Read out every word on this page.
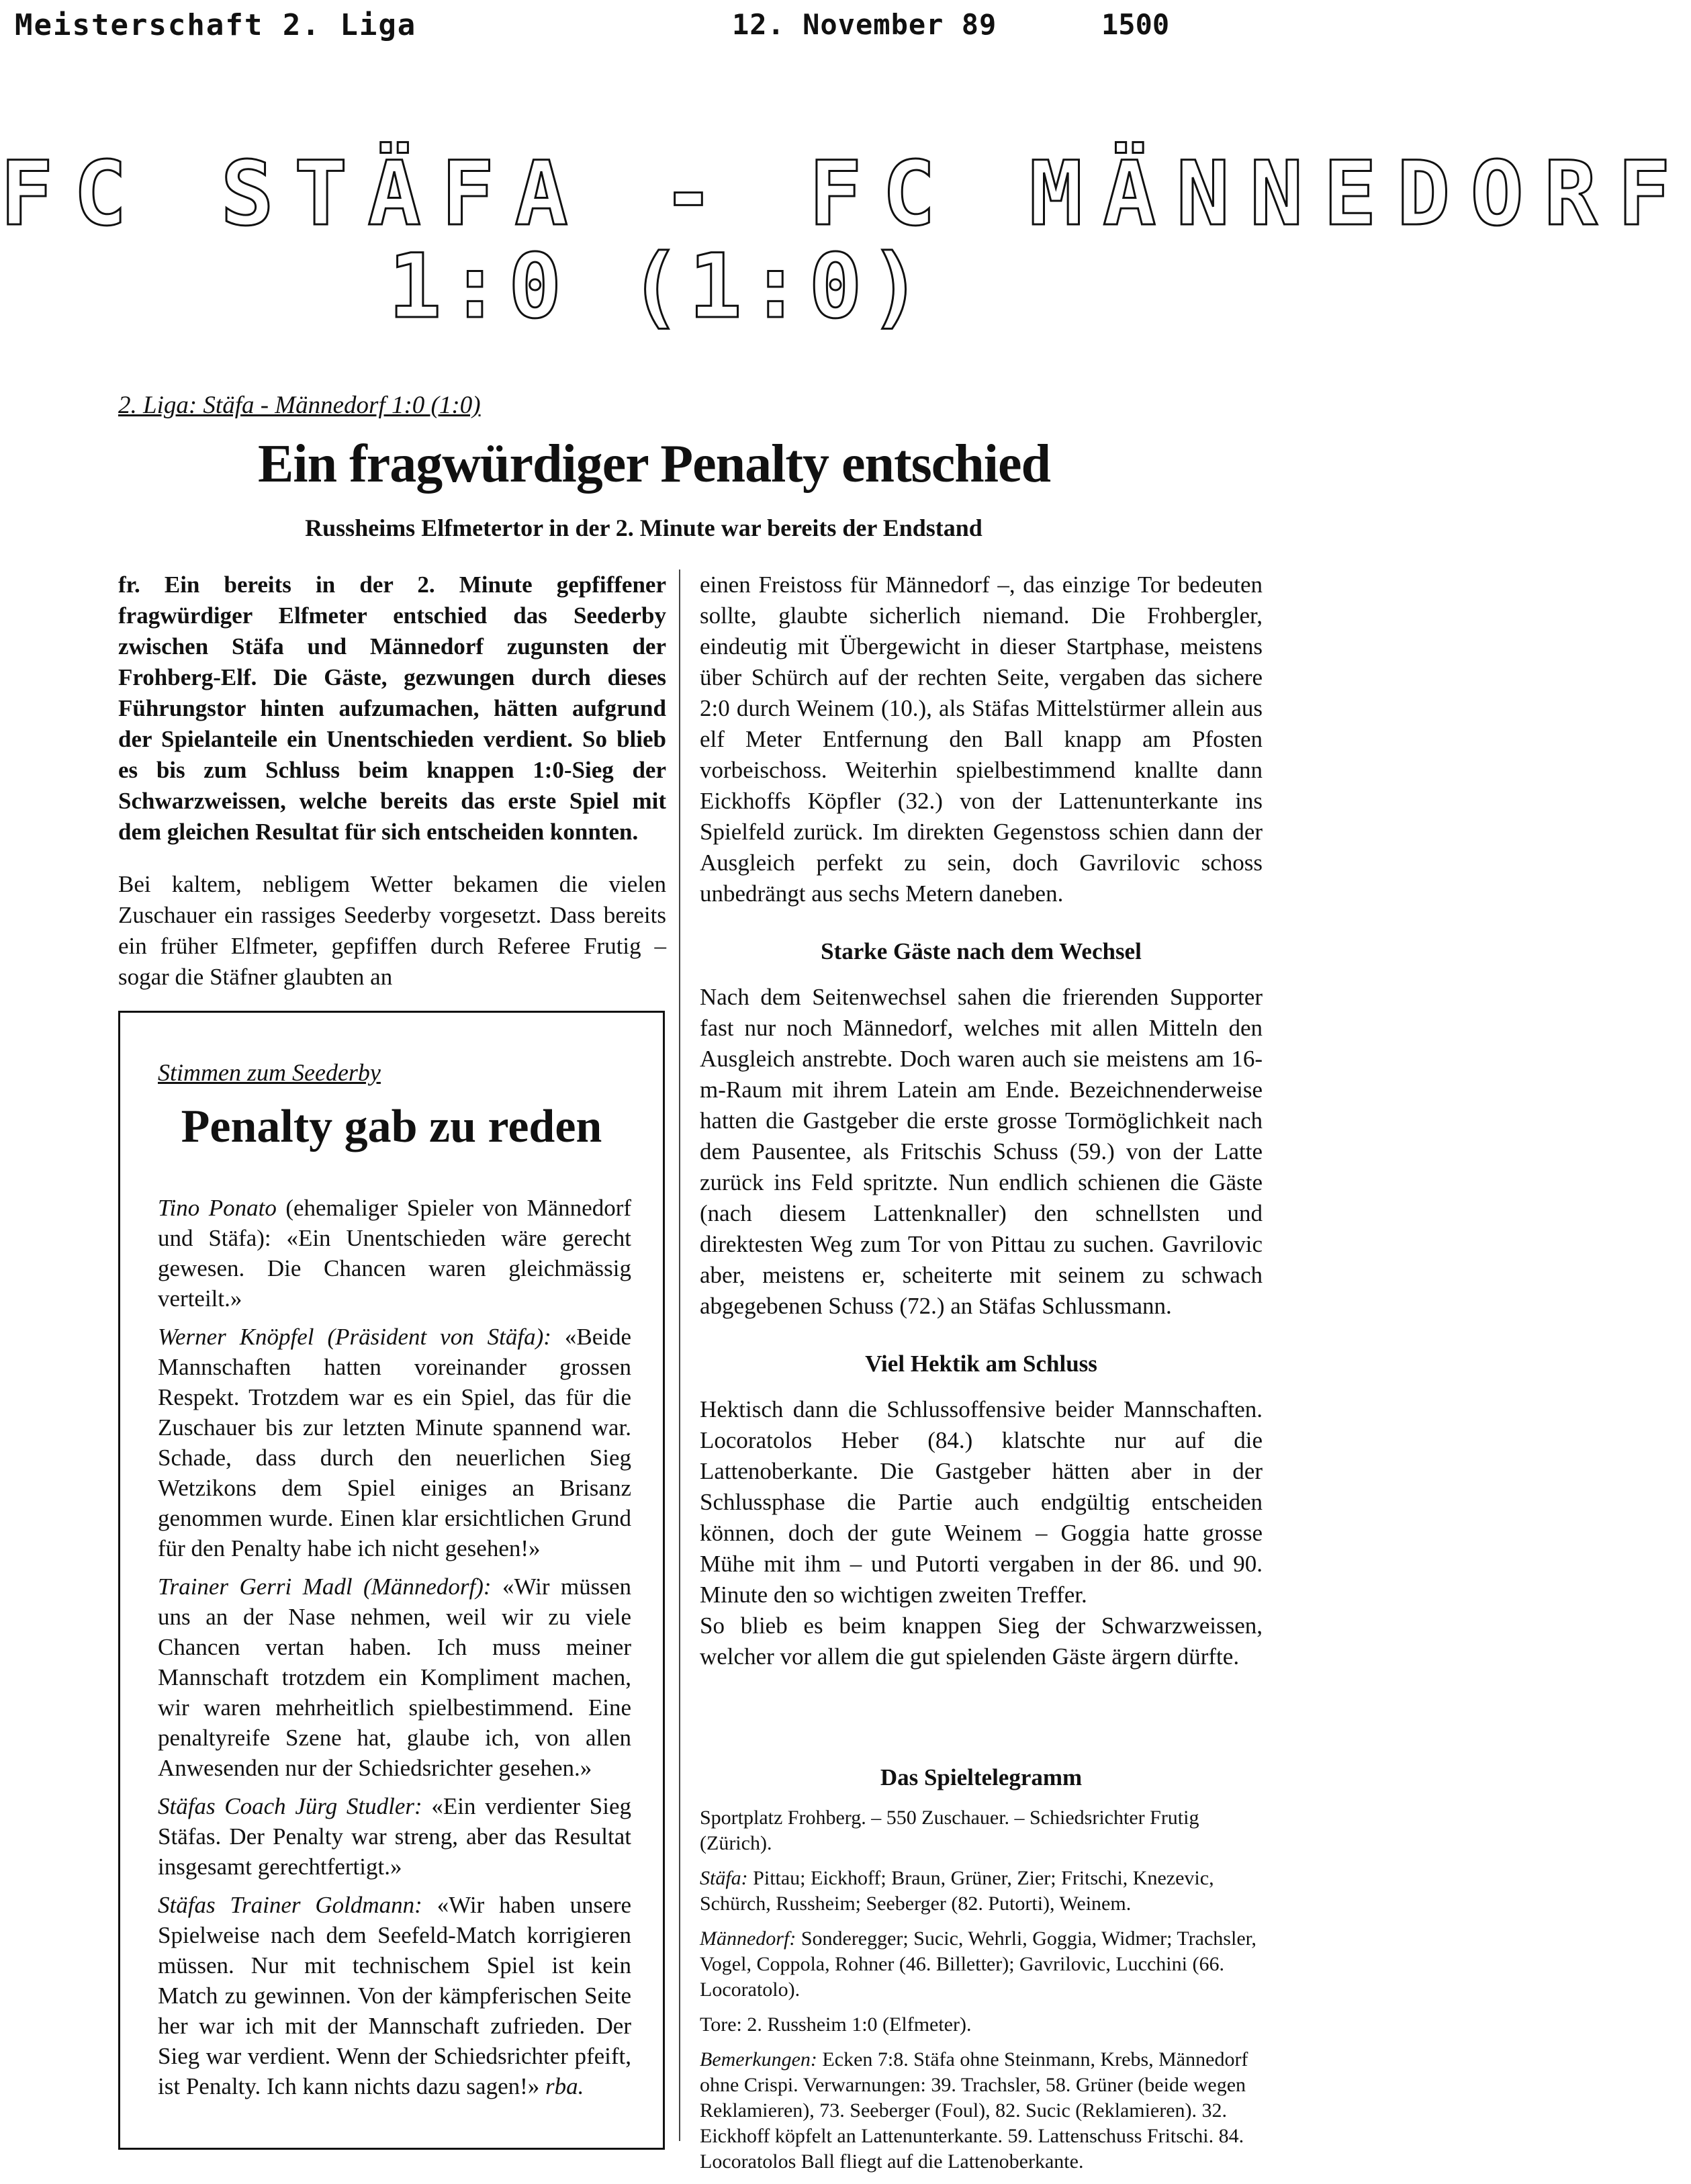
Meisterschaft 2. Liga	12. November 89	1500
FC STÄFA - FC MÄNNEDORF
1:0 (1:0)
2. Liga: Stäfa - Männedorf 1:0 (1:0)
Ein fragwürdiger Penalty entschied
Russheims Elfmetertor in der 2. Minute war bereits der Endstand

fr. Ein bereits in der 2. Minute gepfiffener fragwürdiger Elfmeter entschied das Seederby zwischen Stäfa und Männedorf zugunsten der Frohberg-Elf. Die Gäste, gezwungen durch dieses Führungstor hinten aufzumachen, hätten aufgrund der Spielanteile ein Unentschieden verdient. So blieb es bis zum Schluss beim knappen 1:0-Sieg der Schwarzweissen, welche bereits das erste Spiel mit dem gleichen Resultat für sich entscheiden konnten.

Bei kaltem, nebligem Wetter bekamen die vielen Zuschauer ein rassiges Seederby vorgesetzt. Dass bereits ein früher Elfmeter, gepfiffen durch Referee Frutig – sogar die Stäfner glaubten an

einen Freistoss für Männedorf –, das einzige Tor bedeuten sollte, glaubte sicherlich niemand. Die Frohbergler, eindeutig mit Übergewicht in dieser Startphase, meistens über Schürch auf der rechten Seite, vergaben das sichere 2:0 durch Weinem (10.), als Stäfas Mittelstürmer allein aus elf Meter Entfernung den Ball knapp am Pfosten vorbeischoss. Weiterhin spielbestimmend knallte dann Eickhoffs Köpfler (32.) von der Lattenunterkante ins Spielfeld zurück. Im direkten Gegenstoss schien dann der Ausgleich perfekt zu sein, doch Gavrilovic schoss unbedrängt aus sechs Metern daneben.

Starke Gäste nach dem Wechsel

Nach dem Seitenwechsel sahen die frierenden Supporter fast nur noch Männedorf, welches mit allen Mitteln den Ausgleich anstrebte. Doch waren auch sie meistens am 16-m-Raum mit ihrem Latein am Ende. Bezeichnenderweise hatten die Gastgeber die erste grosse Tormöglichkeit nach dem Pausentee, als Fritschis Schuss (59.) von der Latte zurück ins Feld spritzte. Nun endlich schienen die Gäste (nach diesem Lattenknaller) den schnellsten und direktesten Weg zum Tor von Pittau zu suchen. Gavrilovic aber, meistens er, scheiterte mit seinem zu schwach abgegebenen Schuss (72.) an Stäfas Schlussmann.

Viel Hektik am Schluss

Hektisch dann die Schlussoffensive beider Mannschaften. Locoratolos Heber (84.) klatschte nur auf die Lattenoberkante. Die Gastgeber hätten aber in der Schlussphase die Partie auch endgültig entscheiden können, doch der gute Weinem – Goggia hatte grosse Mühe mit ihm – und Putorti vergaben in der 86. und 90. Minute den so wichtigen zweiten Treffer.

So blieb es beim knappen Sieg der Schwarzweissen, welcher vor allem die gut spielenden Gäste ärgern dürfte.

Stimmen zum Seederby
Penalty gab zu reden

Tino Ponato (ehemaliger Spieler von Männedorf und Stäfa): «Ein Unentschieden wäre gerecht gewesen. Die Chancen waren gleichmässig verteilt.»

Werner Knöpfel (Präsident von Stäfa): «Beide Mannschaften hatten voreinander grossen Respekt. Trotzdem war es ein Spiel, das für die Zuschauer bis zur letzten Minute spannend war. Schade, dass durch den neuerlichen Sieg Wetzikons dem Spiel einiges an Brisanz genommen wurde. Einen klar ersichtlichen Grund für den Penalty habe ich nicht gesehen!»

Trainer Gerri Madl (Männedorf): «Wir müssen uns an der Nase nehmen, weil wir zu viele Chancen vertan haben. Ich muss meiner Mannschaft trotzdem ein Kompliment machen, wir waren mehrheitlich spielbestimmend. Eine penaltyreife Szene hat, glaube ich, von allen Anwesenden nur der Schiedsrichter gesehen.»

Stäfas Coach Jürg Studler: «Ein verdienter Sieg Stäfas. Der Penalty war streng, aber das Resultat insgesamt gerechtfertigt.»

Stäfas Trainer Goldmann: «Wir haben unsere Spielweise nach dem Seefeld-Match korrigieren müssen. Nur mit technischem Spiel ist kein Match zu gewinnen. Von der kämpferischen Seite her war ich mit der Mannschaft zufrieden. Der Sieg war verdient. Wenn der Schiedsrichter pfeift, ist Penalty. Ich kann nichts dazu sagen!» rba.

Das Spieltelegramm

Sportplatz Frohberg. – 550 Zuschauer. – Schiedsrichter Frutig (Zürich).

Stäfa: Pittau; Eickhoff; Braun, Grüner, Zier; Fritschi, Knezevic, Schürch, Russheim; Seeberger (82. Putorti), Weinem.

Männedorf: Sonderegger; Sucic, Wehrli, Goggia, Widmer; Trachsler, Vogel, Coppola, Rohner (46. Billetter); Gavrilovic, Lucchini (66. Locoratolo).

Tore: 2. Russheim 1:0 (Elfmeter).

Bemerkungen: Ecken 7:8. Stäfa ohne Steinmann, Krebs, Männedorf ohne Crispi. Verwarnungen: 39. Trachsler, 58. Grüner (beide wegen Reklamieren), 73. Seeberger (Foul), 82. Sucic (Reklamieren). 32. Eickhoff köpfelt an Lattenunterkante. 59. Lattenschuss Fritschi. 84. Locoratolos Ball fliegt auf die Lattenoberkante.
